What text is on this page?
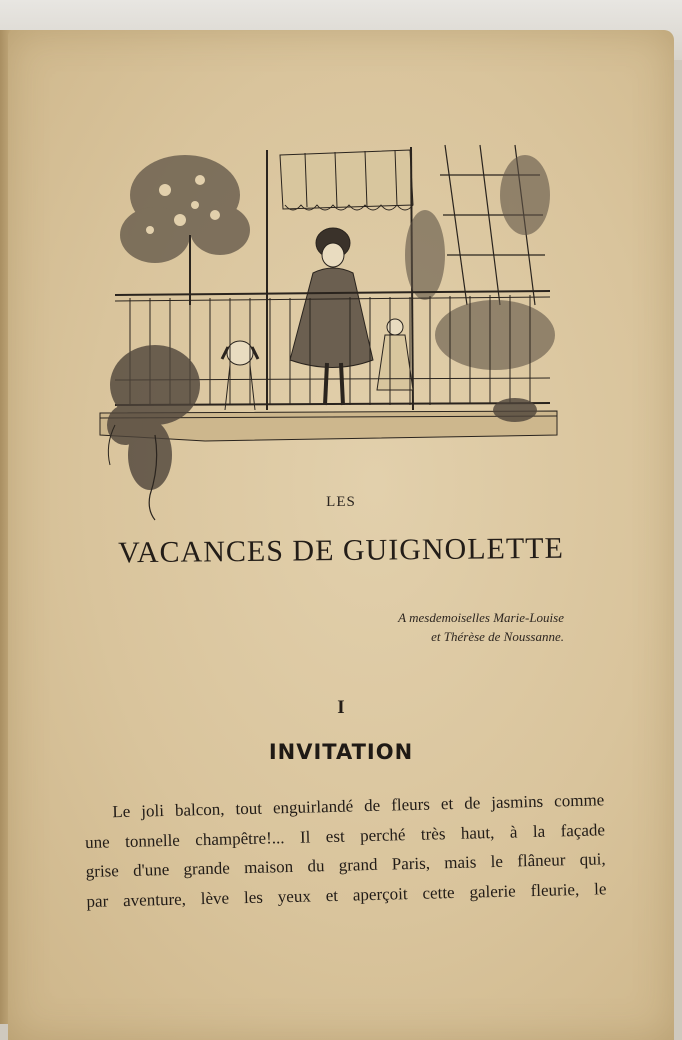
LES
VACANCES DE GUIGNOLETTE
A mesdemoiselles Marie-Louise
et Thérèse de Noussanne.
I
INVITATION
Le joli balcon, tout enguirlandé de fleurs et de jasmins comme
une tonnelle champêtre!... Il est perché très haut, à la façade
grise d'une grande maison du grand Paris, mais le flâneur qui,
par aventure, lève les yeux et aperçoit cette galerie fleurie, le
